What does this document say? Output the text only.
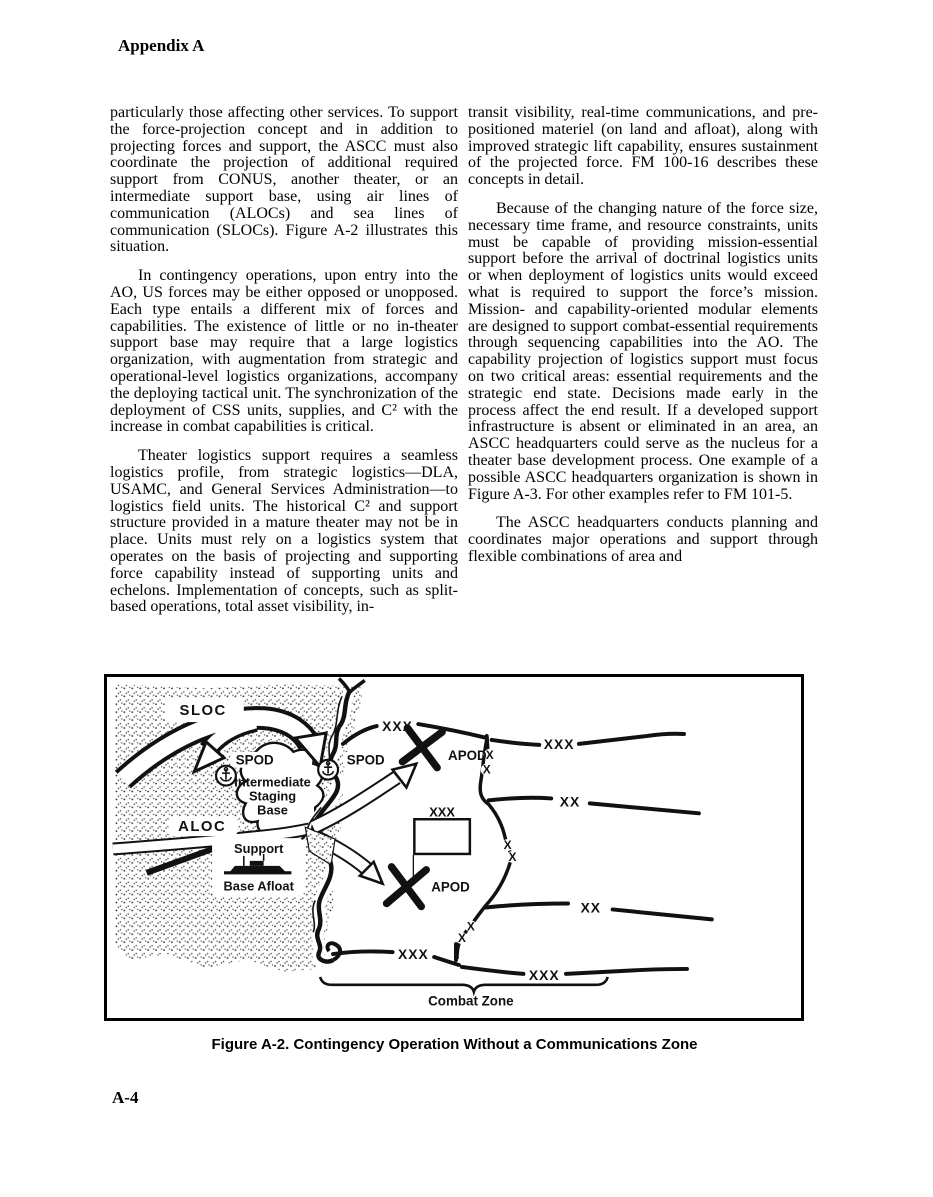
Appendix A

particularly those affecting other services. To support the force-projection concept and in addition to projecting forces and support, the ASCC must also coordinate the projection of additional required support from CONUS, another theater, or an intermediate support base, using air lines of communication (ALOCs) and sea lines of communication (SLOCs). Figure A-2 illustrates this situation.

In contingency operations, upon entry into the AO, US forces may be either opposed or unopposed. Each type entails a different mix of forces and capabilities. The existence of little or no in-theater support base may require that a large logistics organization, with augmentation from strategic and operational-level logistics organizations, accompany the deploying tactical unit. The synchronization of the deployment of CSS units, supplies, and C² with the increase in combat capabilities is critical.

Theater logistics support requires a seamless logistics profile, from strategic logistics—DLA, USAMC, and General Services Administration—to logistics field units. The historical C² and support structure provided in a mature theater may not be in place. Units must rely on a logistics system that operates on the basis of projecting and supporting force capability instead of supporting units and echelons. Implementation of concepts, such as split-based operations, total asset visibility, in-

transit visibility, real-time communications, and pre-positioned materiel (on land and afloat), along with improved strategic lift capability, ensures sustainment of the projected force. FM 100-16 describes these concepts in detail.

Because of the changing nature of the force size, necessary time frame, and resource constraints, units must be capable of providing mission-essential support before the arrival of doctrinal logistics units or when deployment of logistics units would exceed what is required to support the force’s mission. Mission- and capability-oriented modular elements are designed to support combat-essential requirements through sequencing capabilities into the AO. The capability projection of logistics support must focus on two critical areas: essential requirements and the strategic end state. Decisions made early in the process affect the end result. If a developed support infrastructure is absent or eliminated in an area, an ASCC headquarters could serve as the nucleus for a theater base development process. One example of a possible ASCC headquarters organization is shown in Figure A-3. For other examples refer to FM 101-5.

The ASCC headquarters conducts planning and coordinates major operations and support through flexible combinations of area and

X
X
X
X
X
X
XXX
SLOC
ALOC
SPOD	SPOD
Intermediate
Staging
Base
Support
Base Afloat
APOD
APOD
XXX
XXX
XX
XX
XXX
XXX
Combat Zone
Figure A-2. Contingency Operation Without a Communications Zone
A-4
